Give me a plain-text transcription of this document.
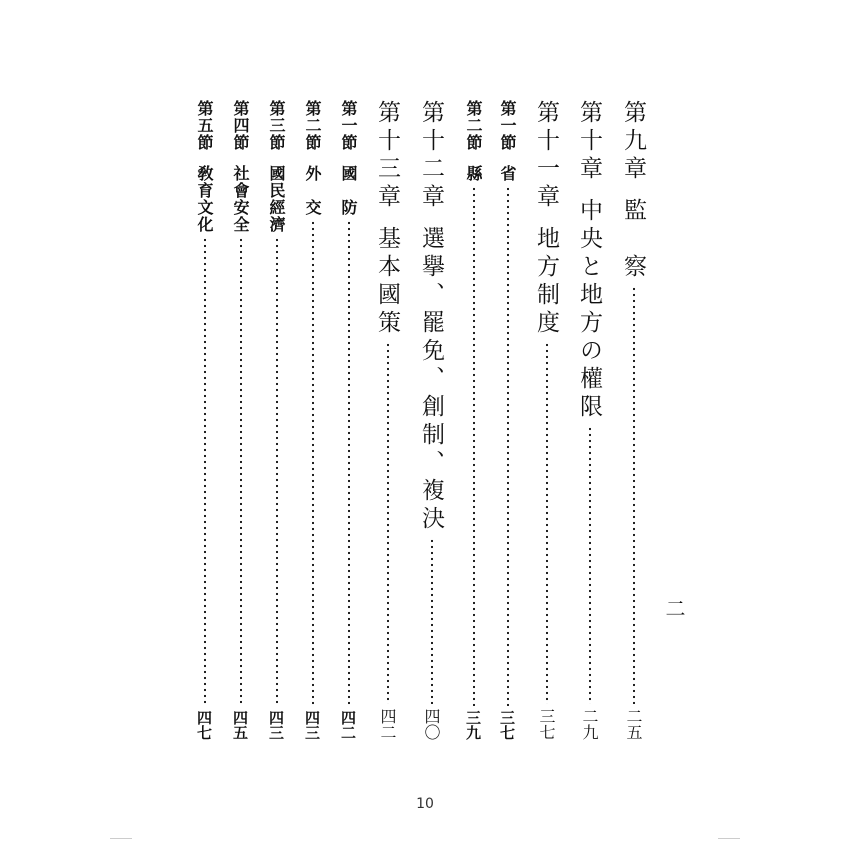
第九章
監　察
二五
第十章
中央と地方の權限
二九
第十一章
地方制度
三七
第一節
省
三七
第二節
縣
三九
第十二章
選擧、罷免、創制、複決
四〇
第十三章
基本國策
四二
第一節
國　防
四二
第二節
外　交
四三
第三節
國民經濟
四三
第四節
社會安全
四五
第五節
敎育文化
四七
二
10
